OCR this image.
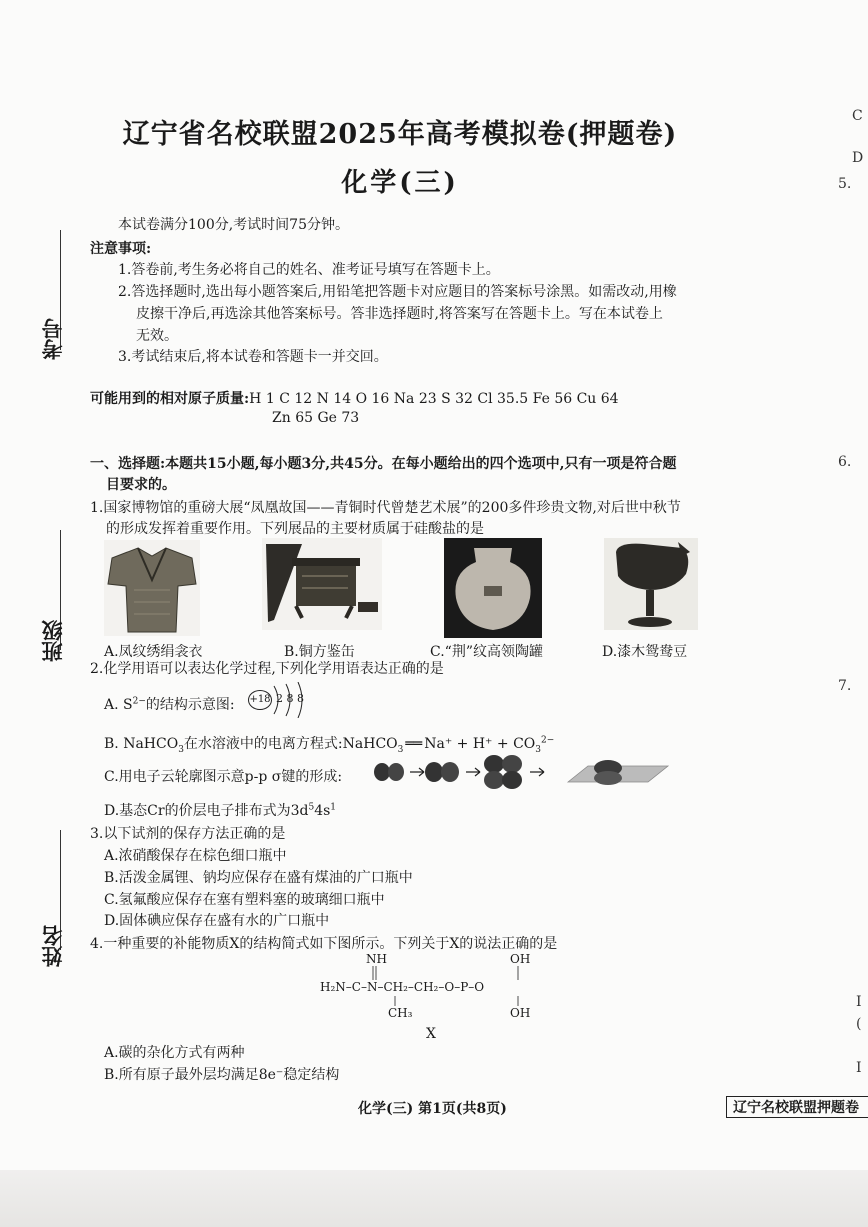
辽宁省名校联盟2025年高考模拟卷(押题卷)
化学(三)
考号
班级
姓名
本试卷满分100分,考试时间75分钟。
注意事项:
1.答卷前,考生务必将自己的姓名、准考证号填写在答题卡上。
2.答选择题时,选出每小题答案后,用铅笔把答题卡对应题目的答案标号涂黑。如需改动,用橡
皮擦干净后,再选涂其他答案标号。答非选择题时,将答案写在答题卡上。写在本试卷上
无效。
3.考试结束后,将本试卷和答题卡一并交回。
可能用到的相对原子质量:H 1 C 12 N 14 O 16 Na 23 S 32 Cl 35.5 Fe 56 Cu 64
Zn 65 Ge 73
一、选择题:本题共15小题,每小题3分,共45分。在每小题给出的四个选项中,只有一项是符合题
目要求的。
1.国家博物馆的重磅大展“凤凰故国——青铜时代曾楚艺术展”的200多件珍贵文物,对后世中秋节
的形成发挥着重要作用。下列展品的主要材质属于硅酸盐的是
A.凤纹绣绢衾衣	B.铜方鉴缶	C.“荆”纹高领陶罐	D.漆木鸳鸯豆
2.化学用语可以表达化学过程,下列化学用语表达正确的是
A. $S^{2-}$的结构示意图: +18 2 8 8
B. NaHCO$_3$在水溶液中的电离方程式:NaHCO$_3$ ══ $Na^+ + H^+ + CO_3^{2-}$
C.用电子云轮廓图示意p-p σ键的形成:
D.基态Cr的价层电子排布式为$3d^54s^1$
3.以下试剂的保存方法正确的是
A.浓硝酸保存在棕色细口瓶中
B.活泼金属锂、钠均应保存在盛有煤油的广口瓶中
C.氢氟酸应保存在塞有塑料塞的玻璃细口瓶中
D.固体碘应保存在盛有水的广口瓶中
4.一种重要的补能物质X的结构简式如下图所示。下列关于X的说法正确的是
NH	OH
H₂N–C–N–CH₂–CH₂–O–P–O
CH₃	OH
X
A.碳的杂化方式有两种
B.所有原子最外层均满足8e⁻稳定结构
化学(三) 第1页(共8页)	辽宁名校联盟押题卷
C
D
5.
6.
7.
I
(
I
